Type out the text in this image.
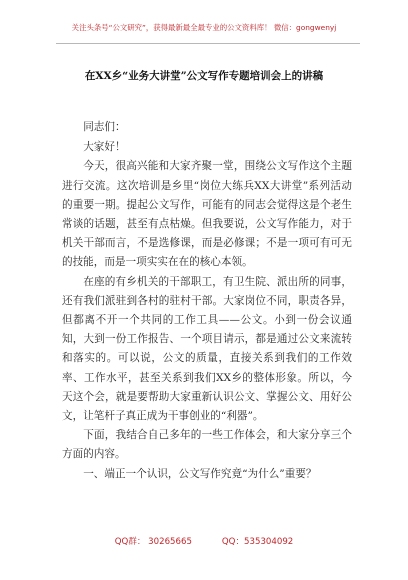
关注头条号“公文研究”，获得最新最全最专业的公文资料库！ 微信：gongwenyj
在XX乡“业务大讲堂”公文写作专题培训会上的讲稿

同志们：

大家好！

今天，很高兴能和大家齐聚一堂，围绕公文写作这个主题进行交流。这次培训是乡里“岗位大练兵XX大讲堂”系列活动的重要一期。提起公文写作，可能有的同志会觉得这是个老生常谈的话题，甚至有点枯燥。但我要说，公文写作能力，对于机关干部而言，不是选修课，而是必修课；不是一项可有可无的技能，而是一项实实在在的核心本领。

在座的有乡机关的干部职工，有卫生院、派出所的同事，还有我们派驻到各村的驻村干部。大家岗位不同，职责各异，但都离不开一个共同的工作工具——公文。小到一份会议通知，大到一份工作报告、一个项目请示，都是通过公文来流转和落实的。可以说，公文的质量，直接关系到我们的工作效率、工作水平，甚至关系到我们XX乡的整体形象。所以，今天这个会，就是要帮助大家重新认识公文、掌握公文、用好公文，让笔杆子真正成为干事创业的“利器”。

下面，我结合自己多年的一些工作体会，和大家分享三个方面的内容。

一、端正一个认识，公文写作究竟“为什么”重要？

QQ群： 30265665	QQ：535304092
